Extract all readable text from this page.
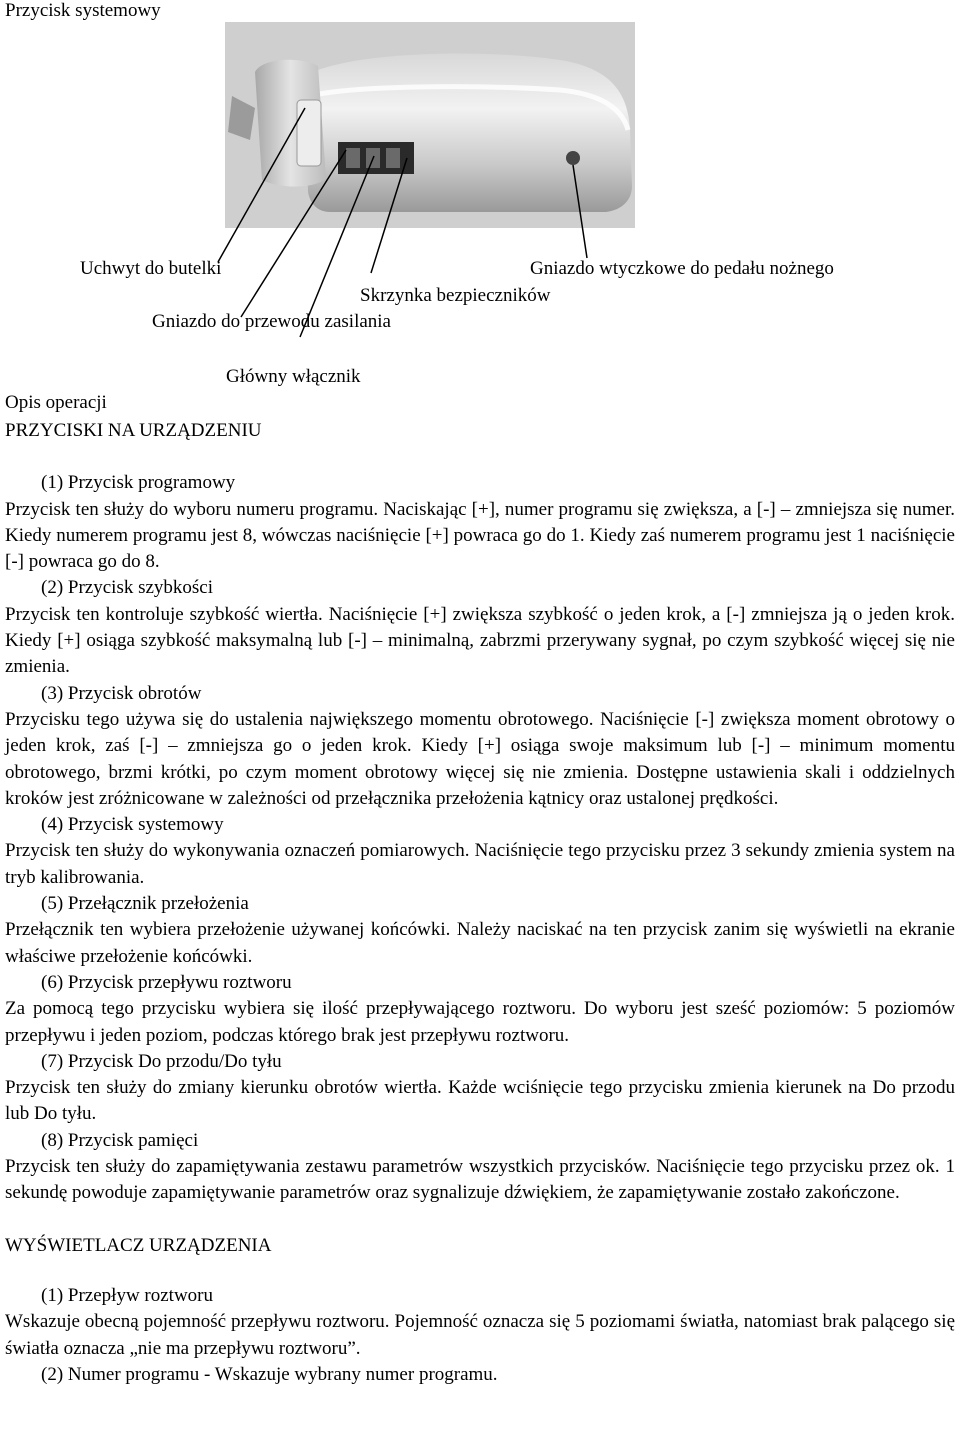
Przycisk systemowy
Uchwyt do butelki	Gniazdo wtyczkowe do pedału nożnego
Skrzynka bezpieczników
Gniazdo do przewodu zasilania
Główny włącznik
Opis operacji

PRZYCISKI NA URZĄDZENIU

(1) Przycisk programowy

Przycisk ten służy do wyboru numeru programu. Naciskając [+], numer programu się zwiększa, a [-] – zmniejsza się numer. Kiedy numerem programu jest 8, wówczas naciśnięcie [+] powraca go do 1. Kiedy zaś numerem programu jest 1 naciśnięcie [-] powraca go do 8.

(2) Przycisk szybkości

Przycisk ten kontroluje szybkość wiertła. Naciśnięcie [+] zwiększa szybkość o jeden krok, a [-] zmniejsza ją o jeden krok. Kiedy [+] osiąga szybkość maksymalną lub [-] – minimalną, zabrzmi przerywany sygnał, po czym szybkość więcej się nie zmienia.

(3) Przycisk obrotów

Przycisku tego używa się do ustalenia największego momentu obrotowego. Naciśnięcie [-] zwiększa moment obrotowy o jeden krok, zaś [-] – zmniejsza go o jeden krok. Kiedy [+] osiąga swoje maksimum lub [-] – minimum momentu obrotowego, brzmi krótki, po czym moment obrotowy więcej się nie zmienia. Dostępne ustawienia skali i oddzielnych kroków jest zróżnicowane w zależności od przełącznika przełożenia kątnicy oraz ustalonej prędkości.

(4) Przycisk systemowy

Przycisk ten służy do wykonywania oznaczeń pomiarowych. Naciśnięcie tego przycisku przez 3 sekundy zmienia system na tryb kalibrowania.

(5) Przełącznik przełożenia

Przełącznik ten wybiera przełożenie używanej końcówki. Należy naciskać na ten przycisk zanim się wyświetli na ekranie właściwe przełożenie końcówki.

(6) Przycisk przepływu roztworu

Za pomocą tego przycisku wybiera się ilość przepływającego roztworu. Do wyboru jest sześć poziomów: 5 poziomów przepływu i jeden poziom, podczas którego brak jest przepływu roztworu.

(7) Przycisk Do przodu/Do tyłu

Przycisk ten służy do zmiany kierunku obrotów wiertła. Każde wciśnięcie tego przycisku zmienia kierunek na Do przodu lub Do tyłu.

(8) Przycisk pamięci

Przycisk ten służy do zapamiętywania zestawu parametrów wszystkich przycisków. Naciśnięcie tego przycisku przez ok. 1 sekundę powoduje zapamiętywanie parametrów oraz sygnalizuje dźwiękiem, że zapamiętywanie zostało zakończone.

WYŚWIETLACZ URZĄDZENIA

(1) Przepływ roztworu

Wskazuje obecną pojemność przepływu roztworu. Pojemność oznacza się 5 poziomami światła, natomiast brak palącego się światła oznacza „nie ma przepływu roztworu”.

(2) Numer programu - Wskazuje wybrany numer programu.
